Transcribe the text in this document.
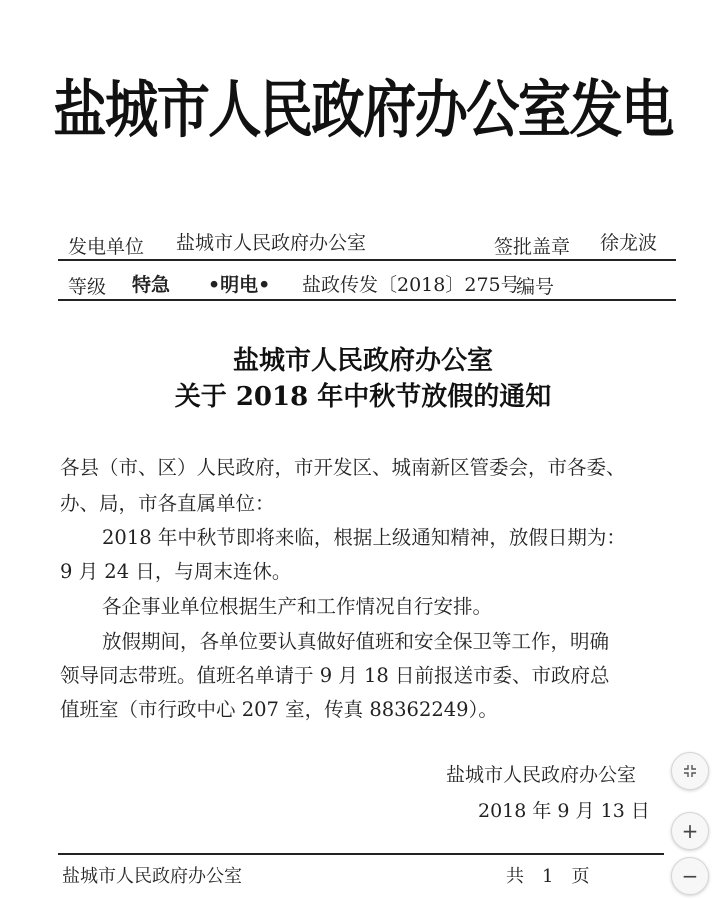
盐城市人民政府办公室发电
发电单位 盐城市人民政府办公室	签批盖章 徐龙波
等级 特急 •明电• 盐政传发〔2018〕275号
编号
盐城市人民政府办公室
关于 2018 年中秋节放假的通知
各县（市、区）人民政府，市开发区、城南新区管委会，市各委、
办、局，市各直属单位：
2018 年中秋节即将来临，根据上级通知精神，放假日期为：
9 月 24 日，与周末连休。
各企事业单位根据生产和工作情况自行安排。
放假期间，各单位要认真做好值班和安全保卫等工作，明确
领导同志带班。值班名单请于 9 月 18 日前报送市委、市政府总
值班室（市行政中心 207 室，传真 88362249）。
盐城市人民政府办公室
2018 年 9 月 13 日
盐城市人民政府办公室	共　1　页
+
−
